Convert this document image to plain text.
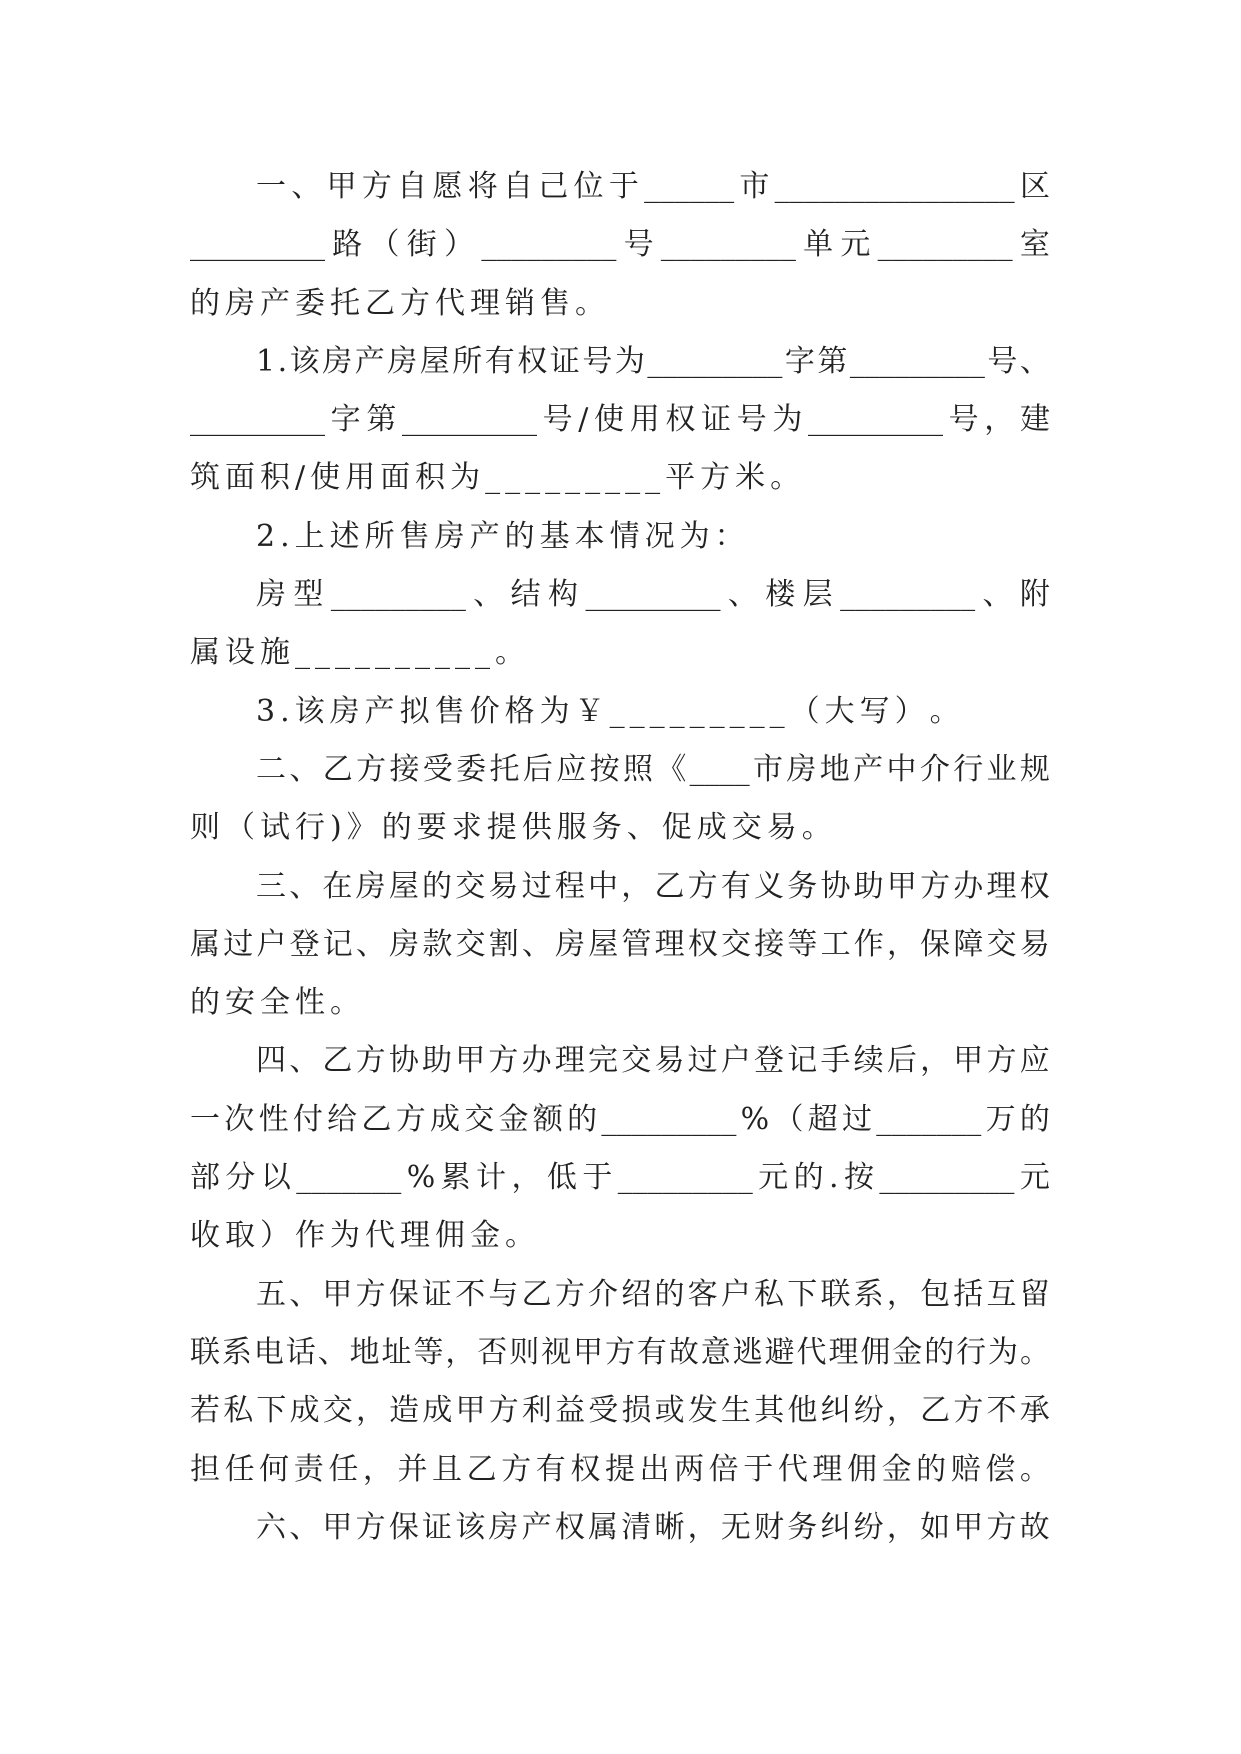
一 、 甲 方 自 愿 将 自 己 位 于 ______ 市 ________________ 区
_________ 路 （ 街 ） _________ 号 _________ 单 元 _________ 室
的 房 产 委 托 乙 方 代 理 销 售 。
1 . 该 房 产 房 屋 所 有 权 证 号 为 _________ 字 第 _________ 号 、
_________ 字 第 _________ 号 / 使 用 权 证 号 为 _________ 号 ， 建
筑 面 积 / 使 用 面 积 为 _________ 平 方 米 。
2 . 上 述 所 售 房 产 的 基 本 情 况 为 ：
房 型 _________ 、 结 构 _________ 、 楼 层 _________ 、 附
属 设 施 __________ 。
3 . 该 房 产 拟 售 价 格 为 ￥ _________ （ 大 写 ） 。
二 、 乙 方 接 受 委 托 后 应 按 照 《 ____ 市 房 地 产 中 介 行 业 规
则 （ 试 行 ) 》 的 要 求 提 供 服 务 、 促 成 交 易 。
三 、 在 房 屋 的 交 易 过 程 中 ， 乙 方 有 义 务 协 助 甲 方 办 理 权
属 过 户 登 记 、 房 款 交 割 、 房 屋 管 理 权 交 接 等 工 作 ， 保 障 交 易
的 安 全 性 。
四 、 乙 方 协 助 甲 方 办 理 完 交 易 过 户 登 记 手 续 后 ， 甲 方 应
一 次 性 付 给 乙 方 成 交 金 额 的 _________ % （ 超 过 _______ 万 的
部 分 以 _______ % 累 计 ， 低 于 _________ 元 的 . 按 _________ 元
收 取 ） 作 为 代 理 佣 金 。
五 、 甲 方 保 证 不 与 乙 方 介 绍 的 客 户 私 下 联 系 ， 包 括 互 留
联 系 电 话 、 地 址 等 ， 否 则 视 甲 方 有 故 意 逃 避 代 理 佣 金 的 行 为 。
若 私 下 成 交 ， 造 成 甲 方 利 益 受 损 或 发 生 其 他 纠 纷 ， 乙 方 不 承
担 任 何 责 任 ， 并 且 乙 方 有 权 提 出 两 倍 于 代 理 佣 金 的 赔 偿 。
六 、 甲 方 保 证 该 房 产 权 属 清 晰 ， 无 财 务 纠 纷 ， 如 甲 方 故
